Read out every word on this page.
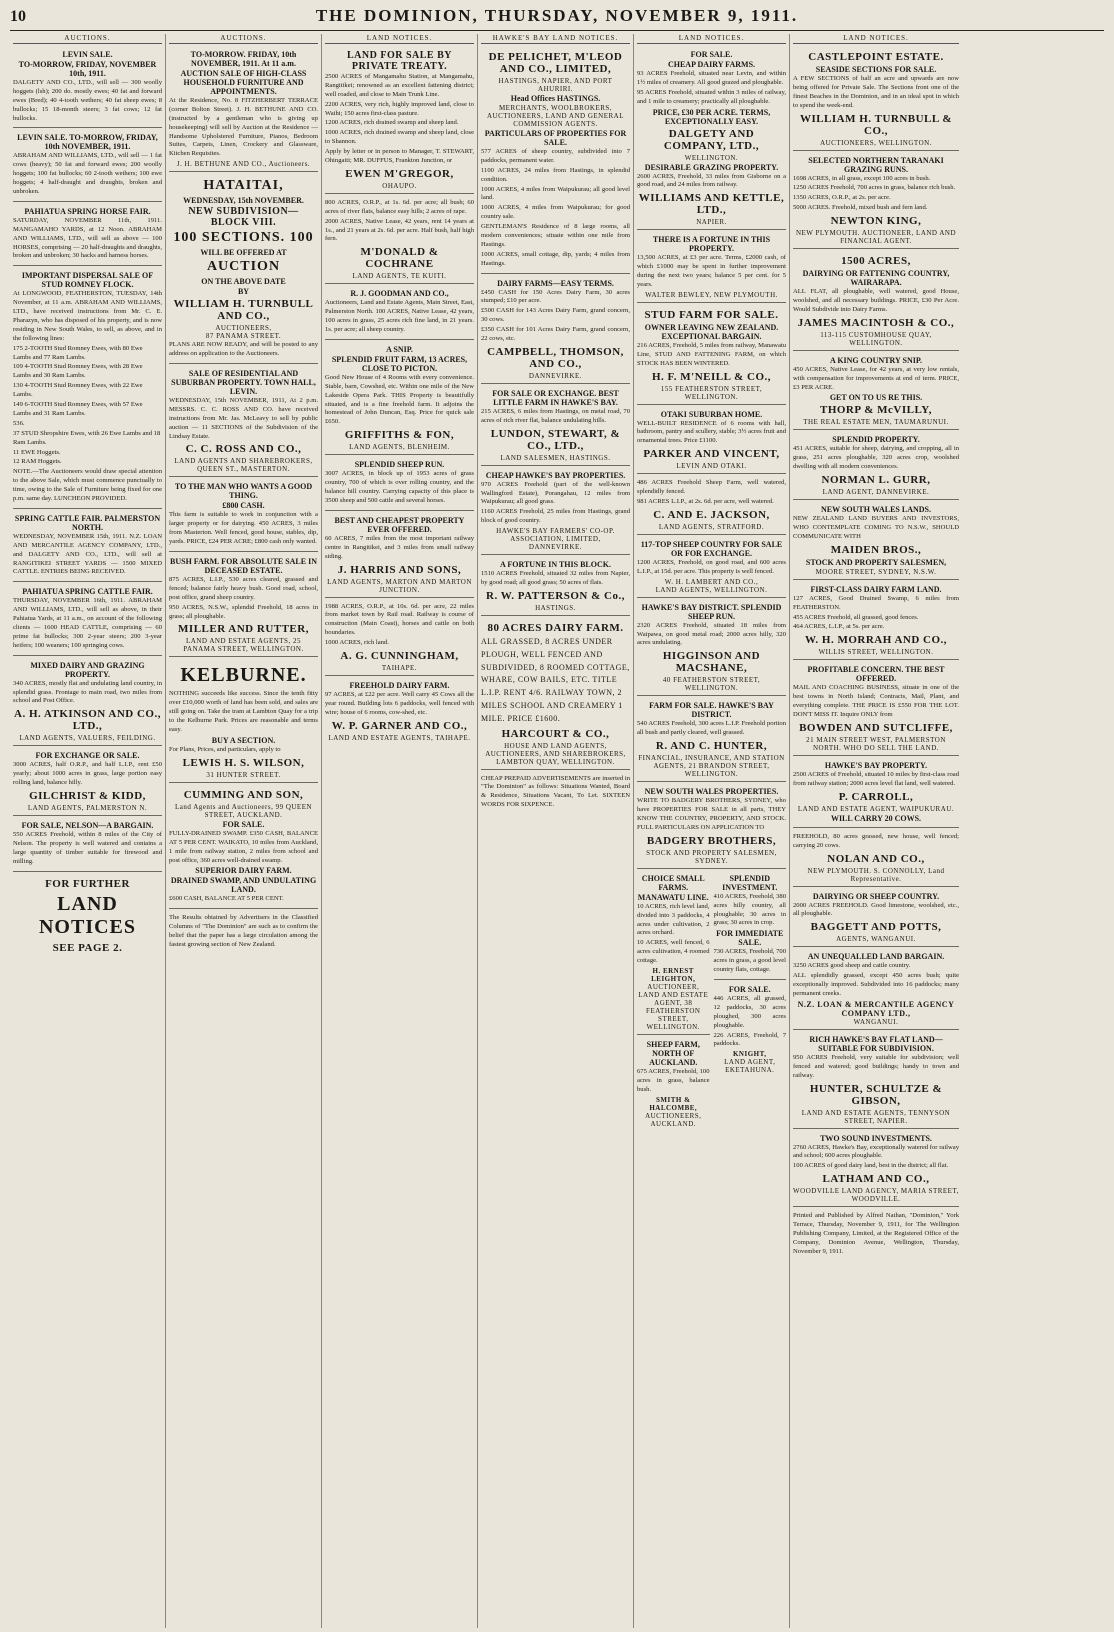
10	THE DOMINION, THURSDAY, NOVEMBER 9, 1911.
AUCTIONS.
LEVIN SALE.
TO-MORROW, FRIDAY, NOVEMBER 10th, 1911.

DALGETY AND CO., LTD., will sell — 300 woolly hoggets (lsh); 200 do. mostly ewes; 40 fat and forward ewes (Bred); 40 4-tooth wethers; 40 fat sheep ewes; 8 bullocks; 15 18-month steers; 3 fat cows; 12 fat bullocks.

LEVIN SALE. TO-MORROW, FRIDAY, 10th NOVEMBER, 1911.

ABRAHAM AND WILLIAMS, LTD., will sell — 1 fat cows (heavy); 50 fat and forward ewes; 200 woolly hoggets; 100 fat bullocks; 60 2-tooth wethers; 100 ewe hoggets; 4 half-draught and draughts, broken and unbroken.

PAHIATUA SPRING HORSE FAIR.

SATURDAY, NOVEMBER 11th, 1911. MANGAMAHO YARDS, at 12 Noon. ABRAHAM AND WILLIAMS, LTD., will sell as above — 100 HORSES, comprising — 20 half-draughts and draughts, broken and unbroken; 30 hacks and harness horses.

IMPORTANT DISPERSAL SALE OF STUD ROMNEY FLOCK.

At LONGWOOD, FEATHERSTON, TUESDAY, 14th November, at 11 a.m. ABRAHAM AND WILLIAMS, LTD., have received instructions from Mr. C. E. Pharazyn, who has disposed of his property, and is now residing in New South Wales, to sell, as above, and in the following lines:

175 2-TOOTH Stud Romney Ewes, with 80 Ewe Lambs and 77 Ram Lambs.
109 4-TOOTH Stud Romney Ewes, with 28 Ewe Lambs and 30 Ram Lambs.
130 4-TOOTH Stud Romney Ewes, with 22 Ewe Lambs.
149 6-TOOTH Stud Romney Ewes, with 57 Ewe Lambs and 31 Ram Lambs.
536.
37 STUD Shropshire Ewes, with 26 Ewe Lambs and 18 Ram Lambs.
11 EWE Hoggets.
12 RAM Hoggets.

NOTE.—The Auctioneers would draw special attention to the above Sale, which must commence punctually to time, owing to the Sale of Furniture being fixed for one p.m. same day. LUNCHEON PROVIDED.

SPRING CATTLE FAIR. PALMERSTON NORTH.

WEDNESDAY, NOVEMBER 15th, 1911. N.Z. LOAN AND MERCANTILE AGENCY COMPANY, LTD., and DALGETY AND CO., LTD., will sell at RANGITIKEI STREET YARDS — 1500 MIXED CATTLE. ENTRIES BEING RECEIVED.

PAHIATUA SPRING CATTLE FAIR.

THURSDAY, NOVEMBER 16th, 1911. ABRAHAM AND WILLIAMS, LTD., will sell as above, in their Pahiatua Yards, at 11 a.m., on account of the following clients — 1600 HEAD CATTLE, comprising — 60 prime fat bullocks; 300 2-year steers; 200 3-year heifers; 100 weaners; 100 springing cows.

MIXED DAIRY AND GRAZING PROPERTY.

340 ACRES, mostly flat and undulating land country, in splendid grass. Frontage to main road, two miles from school and Post Office.

A. H. ATKINSON AND CO., LTD.,
LAND AGENTS, VALUERS, FEILDING.
FOR EXCHANGE OR SALE.

3000 ACRES, half O.R.P., and half L.I.P., rent £50 yearly; about 1000 acres in grass, large portion easy rolling land, balance hilly.

GILCHRIST & KIDD,
LAND AGENTS, PALMERSTON N.
FOR SALE, NELSON—A BARGAIN.

550 ACRES Freehold, within 8 miles of the City of Nelson. The property is well watered and contains a large quantity of timber suitable for firewood and milling.

FOR FURTHER
LAND NOTICES
SEE PAGE 2.
AUCTIONS.
TO-MORROW. FRIDAY, 10th NOVEMBER, 1911. At 11 a.m.
AUCTION SALE OF HIGH-CLASS HOUSEHOLD FURNITURE AND APPOINTMENTS.

At the Residence, No. 8 FITZHERBERT TERRACE (corner Bolton Street). J. H. BETHUNE AND CO. (instructed by a gentleman who is giving up housekeeping) will sell by Auction at the Residence — Handsome Upholstered Furniture, Pianos, Bedroom Suites, Carpets, Linen, Crockery and Glassware, Kitchen Requisites.

J. H. BETHUNE AND CO., Auctioneers.
HATAITAI,
WEDNESDAY, 15th NOVEMBER.
NEW SUBDIVISION— BLOCK VIII.
100 SECTIONS. 100
WILL BE OFFERED AT
AUCTION
ON THE ABOVE DATE
BY
WILLIAM H. TURNBULL AND CO.,
AUCTIONEERS,
87 PANAMA STREET.

PLANS ARE NOW READY, and will be posted to any address on application to the Auctioneers.

SALE OF RESIDENTIAL AND SUBURBAN PROPERTY. TOWN HALL, LEVIN.

WEDNESDAY, 15th NOVEMBER, 1911, At 2 p.m. MESSRS. C. C. ROSS AND CO. have received instructions from Mr. Jas. McLeavy to sell by public auction — 11 SECTIONS of the Subdivision of the Lindsay Estate.

C. C. ROSS AND CO.,
LAND AGENTS AND SHAREBROKERS, QUEEN ST., MASTERTON.
TO THE MAN WHO WANTS A GOOD THING.
£800 CASH.

This farm is suitable to work in conjunction with a larger property or for dairying. 450 ACRES, 3 miles from Masterton. Well fenced, good house, stables, dip, yards. PRICE, £24 PER ACRE; £800 cash only wanted.

BUSH FARM. FOR ABSOLUTE SALE IN DECEASED ESTATE.

875 ACRES, L.I.P., 530 acres cleared, grassed and fenced; balance fairly heavy bush. Good road, school, post office, grand sheep country.

950 ACRES, N.S.W., splendid Freehold, 18 acres in grass; all ploughable.

MILLER AND RUTTER,
LAND AND ESTATE AGENTS, 25 PANAMA STREET, WELLINGTON.
KELBURNE.

NOTHING succeeds like success. Since the tenth fitty over £10,000 worth of land has been sold, and sales are still going on. Take the tram at Lambton Quay for a trip to the Kelburne Park. Prices are reasonable and terms easy.

BUY A SECTION.

For Plans, Prices, and particulars, apply to

LEWIS H. S. WILSON,
31 HUNTER STREET.
CUMMING AND SON,
Land Agents and Auctioneers, 99 QUEEN STREET, AUCKLAND.
FOR SALE.

FULLY-DRAINED SWAMP. £350 CASH, BALANCE AT 5 PER CENT. WAIKATO, 10 miles from Auckland, 1 mile from railway station, 2 miles from school and post office, 360 acres well-drained swamp.

SUPERIOR DAIRY FARM.
DRAINED SWAMP, AND UNDULATING LAND.

£600 CASH, BALANCE AT 5 PER CENT.

The Results obtained by Advertisers in the Classified Columns of "The Dominion" are such as to confirm the belief that the paper has a large circulation among the fastest growing section of New Zealand.

LAND NOTICES.
LAND FOR SALE BY PRIVATE TREATY.

2500 ACRES of Mangamahu Station, at Mangamahu, Rangitikei; renowned as an excellent fattening district; well roaded, and close to Main Trunk Line.

2200 ACRES, very rich, highly improved land, close to Waihi; 150 acres first-class pasture.

1200 ACRES, rich drained swamp and sheep land.

1000 ACRES, rich drained swamp and sheep land, close to Shannon.

Apply by letter or in person to Manager, T. STEWART, Ohingaiti; MR. DUFFUS, Frankton Junction, or

EWEN M'GREGOR,
OHAUPO.

800 ACRES, O.R.P., at 1s. 6d. per acre; all bush; 60 acres of river flats, balance easy hills; 2 acres of rape.

2000 ACRES, Native Lease, 42 years, rent 14 years at 1s., and 21 years at 2s. 6d. per acre. Half bush, half high fern.

M'DONALD & COCHRANE
LAND AGENTS, TE KUITI.
R. J. GOODMAN AND CO.,

Auctioneers, Land and Estate Agents, Main Street, East, Palmerston North. 100 ACRES, Native Lease, 42 years, 100 acres in grass, 25 acres rich fine land, in 21 years. 1s. per acre; all sheep country.

A SNIP.
SPLENDID FRUIT FARM, 13 ACRES, CLOSE TO PICTON.

Good New House of 4 Rooms with every convenience. Stable, barn, Cowshed, etc. Within one mile of the New Lakeside Opera Park. THIS Property is beautifully situated, and is a fine freehold farm. It adjoins the homestead of John Duncan, Esq. Price for quick sale £650.

GRIFFITHS & FON,
LAND AGENTS, BLENHEIM.
SPLENDID SHEEP RUN.

3007 ACRES, in block up of 1953 acres of grass country, 700 of which is over rolling country, and the balance hill country. Carrying capacity of this place is 3500 sheep and 500 cattle and several horses.

BEST AND CHEAPEST PROPERTY EVER OFFERED.

60 ACRES, 7 miles from the most important railway centre in Rangitikei, and 3 miles from small railway siding.

J. HARRIS AND SONS,
LAND AGENTS, MARTON AND MARTON JUNCTION.

1988 ACRES, O.R.P., at 10s. 6d. per acre, 22 miles from market town by Rail road. Railway is course of construction (Main Coast), horses and cattle on both boundaries.

1000 ACRES, rich land.

A. G. CUNNINGHAM,
TAIHAPE.
FREEHOLD DAIRY FARM.

97 ACRES, at £22 per acre. Well carry 45 Cows all the year round. Building lots 6 paddocks, well fenced with wire; house of 6 rooms, cow-shed, etc.

W. P. GARNER AND CO.,
LAND AND ESTATE AGENTS, TAIHAPE.
HAWKE'S BAY LAND NOTICES.
DE PELICHET, M'LEOD AND CO., LIMITED,
HASTINGS, NAPIER, AND PORT AHURIRI.
Head Offices HASTINGS.
MERCHANTS, WOOLBROKERS, AUCTIONEERS, LAND AND GENERAL COMMISSION AGENTS.
PARTICULARS OF PROPERTIES FOR SALE.

577 ACRES of sheep country, subdivided into 7 paddocks, permanent water.

1100 ACRES, 24 miles from Hastings, in splendid condition.

1000 ACRES, 4 miles from Waipukurau; all good level land.

1000 ACRES, 4 miles from Waipukurau; for good country sale.

GENTLEMAN'S Residence of 8 large rooms, all modern conveniences; situate within one mile from Hastings.

1000 ACRES, small cottage, dip, yards; 4 miles from Hastings.

DAIRY FARMS—EASY TERMS.

£450 CASH for 150 Acres Dairy Farm, 30 acres stumped; £10 per acre.

£500 CASH for 143 Acres Dairy Farm, grand concern, 30 cows.

£350 CASH for 101 Acres Dairy Farm, grand concern, 22 cows, etc.

CAMPBELL, THOMSON, AND CO.,
DANNEVIRKE.
FOR SALE OR EXCHANGE. BEST LITTLE FARM IN HAWKE'S BAY.

215 ACRES, 6 miles from Hastings, on metal road, 70 acres of rich river flat, balance undulating hills.

LUNDON, STEWART, & CO., LTD.,
LAND SALESMEN, HASTINGS.
CHEAP HAWKE'S BAY PROPERTIES.

970 ACRES Freehold (part of the well-known Wallingford Estate), Porangahau, 12 miles from Waipukurau; all good grass.

1160 ACRES Freehold, 25 miles from Hastings, grand block of good country.

HAWKE'S BAY FARMERS' CO-OP. ASSOCIATION, LIMITED,
DANNEVIRKE.
A FORTUNE IN THIS BLOCK.

1510 ACRES Freehold, situated 32 miles from Napier, by good road; all good grass; 50 acres of flats.

R. W. PATTERSON & Co.,
HASTINGS.
80 ACRES DAIRY FARM.

ALL GRASSED, 8 ACRES UNDER PLOUGH, WELL FENCED AND SUBDIVIDED, 8 ROOMED COTTAGE, WHARE, COW BAILS, ETC. TITLE L.I.P. RENT 4/6. RAILWAY TOWN, 2 MILES SCHOOL AND CREAMERY 1 MILE. PRICE £1600.

HARCOURT & CO.,
HOUSE AND LAND AGENTS, AUCTIONEERS, AND SHAREBROKERS,
LAMBTON QUAY, WELLINGTON.

CHEAP PREPAID ADVERTISEMENTS are inserted in "The Dominion" as follows: Situations Wanted, Board & Residence, Situations Vacant, To Let. SIXTEEN WORDS FOR SIXPENCE.

LAND NOTICES.
FOR SALE.
CHEAP DAIRY FARMS.

93 ACRES Freehold, situated near Levin, and within 1½ miles of creamery. All good grazed and ploughable.

95 ACRES Freehold, situated within 3 miles of railway, and 1 mile to creamery; practically all ploughable.

PRICE, £30 PER ACRE. TERMS, EXCEPTIONALLY EASY.
DALGETY AND COMPANY, LTD.,
WELLINGTON.
DESIRABLE GRAZING PROPERTY.

2600 ACRES, Freehold, 33 miles from Gisborne on a good road, and 24 miles from railway.

WILLIAMS AND KETTLE, LTD.,
NAPIER.
THERE IS A FORTUNE IN THIS PROPERTY.

13,500 ACRES, at £3 per acre. Terms, £2000 cash, of which £1000 may be spent in further improvement during the next two years; balance 5 per cent. for 5 years.

WALTER BEWLEY, NEW PLYMOUTH.
STUD FARM FOR SALE.
OWNER LEAVING NEW ZEALAND. EXCEPTIONAL BARGAIN.

216 ACRES, Freehold, 5 miles from railway, Manawatu Line, STUD AND FATTENING FARM, on which STOCK HAS BEEN WINTERED.

H. F. M'NEILL & CO.,
155 FEATHERSTON STREET, WELLINGTON.
OTAKI SUBURBAN HOME.

WELL-BUILT RESIDENCE of 6 rooms with hall, bathroom, pantry and scullery, stable; 3½ acres fruit and ornamental trees. Price £1100.

PARKER AND VINCENT,
LEVIN AND OTAKI.

486 ACRES Freehold Sheep Farm, well watered, splendidly fenced.

981 ACRES L.I.P., at 2s. 6d. per acre, well watered.

C. AND E. JACKSON,
LAND AGENTS, STRATFORD.
117-TOP SHEEP COUNTRY FOR SALE OR FOR EXCHANGE.

1200 ACRES, Freehold, on good road, and 600 acres L.I.P., at 15d. per acre. This property is well fenced.

W. H. LAMBERT AND CO.,
LAND AGENTS, WELLINGTON.
HAWKE'S BAY DISTRICT. SPLENDID SHEEP RUN.

2320 ACRES Freehold, situated 18 miles from Waipawa, on good metal road; 2000 acres hilly, 320 acres undulating.

HIGGINSON AND MACSHANE,
40 FEATHERSTON STREET, WELLINGTON.
FARM FOR SALE. HAWKE'S BAY DISTRICT.

540 ACRES Freehold, 300 acres L.I.P. Freehold portion all bush and partly cleared, well grassed.

R. AND C. HUNTER,
FINANCIAL, INSURANCE, AND STATION AGENTS, 21 BRANDON STREET, WELLINGTON.
NEW SOUTH WALES PROPERTIES.

WRITE TO BADGERY BROTHERS, SYDNEY, who have PROPERTIES FOR SALE in all parts, THEY KNOW THE COUNTRY, PROPERTY, AND STOCK. FULL PARTICULARS ON APPLICATION TO

BADGERY BROTHERS,
STOCK AND PROPERTY SALESMEN, SYDNEY.
CHOICE SMALL FARMS.
MANAWATU LINE.

10 ACRES, rich level land, divided into 3 paddocks, 4 acres under cultivation, 2 acres orchard.

10 ACRES, well fenced, 6 acres cultivation, 4 roomed cottage.

H. ERNEST LEIGHTON,
AUCTIONEER, LAND AND ESTATE AGENT, 38 FEATHERSTON STREET, WELLINGTON.
SHEEP FARM, NORTH OF AUCKLAND.

675 ACRES, Freehold, 100 acres in grass, balance bush.

SMITH & HALCOMBE,
AUCTIONEERS, AUCKLAND.
SPLENDID INVESTMENT.

410 ACRES, Freehold, 380 acres hilly country, all ploughable; 30 acres in grass; 30 acres in crop.

FOR IMMEDIATE SALE.

730 ACRES, Freehold, 700 acres in grass, a good level country flats, cottage.

FOR SALE.

446 ACRES, all grassed, 12 paddocks, 30 acres ploughed, 300 acres ploughable.

226 ACRES, Freehold, 7 paddocks.

KNIGHT,
LAND AGENT, EKETAHUNA.
LAND NOTICES.
CASTLEPOINT ESTATE.
SEASIDE SECTIONS FOR SALE.

A FEW SECTIONS of half an acre and upwards are now being offered for Private Sale. The Sections front one of the finest Beaches in the Dominion, and in an ideal spot in which to spend the week-end.

WILLIAM H. TURNBULL & CO.,
AUCTIONEERS, WELLINGTON.
SELECTED NORTHERN TARANAKI GRAZING RUNS.

1698 ACRES, in all grass, except 100 acres in bush.

1250 ACRES Freehold, 700 acres in grass, balance rich bush.

1350 ACRES, O.R.P., at 2s. per acre.

5000 ACRES. Freehold, mixed bush and fern land.

NEWTON KING,
NEW PLYMOUTH. AUCTIONEER, LAND AND FINANCIAL AGENT.
1500 ACRES,
DAIRYING OR FATTENING COUNTRY, WAIRARAPA.

ALL FLAT, all ploughable, well watered, good House, woolshed, and all necessary buildings. PRICE, £30 Per Acre. Would Subdivide into Dairy Farms.

JAMES MACINTOSH & CO.,
113-115 CUSTOMHOUSE QUAY, WELLINGTON.
A KING COUNTRY SNIP.

450 ACRES, Native Lease, for 42 years, at very low rentals, with compensation for improvements at end of term. PRICE, £3 PER ACRE.

GET ON TO US RE THIS.
THORP & McVILLY,
THE REAL ESTATE MEN, TAUMARUNUI.
SPLENDID PROPERTY.

451 ACRES, suitable for sheep, dairying, and cropping, all in grass, 251 acres ploughable, 320 acres crop, woolshed dwelling with all modern conveniences.

NORMAN L. GURR,
LAND AGENT, DANNEVIRKE.
NEW SOUTH WALES LANDS.

NEW ZEALAND LAND BUYERS AND INVESTORS, WHO CONTEMPLATE COMING TO N.S.W., SHOULD COMMUNICATE WITH

MAIDEN BROS.,
STOCK AND PROPERTY SALESMEN,
MOORE STREET, SYDNEY, N.S.W.
FIRST-CLASS DAIRY FARM LAND.

127 ACRES, Good Drained Swamp, 6 miles from FEATHERSTON.

455 ACRES Freehold, all grassed, good fences.

464 ACRES, L.I.P., at 5s. per acre.

W. H. MORRAH AND CO.,
WILLIS STREET, WELLINGTON.
PROFITABLE CONCERN. THE BEST OFFERED.

MAIL AND COACHING BUSINESS, situate in one of the best towns in North Island; Contracts, Mail, Plant, and everything complete. THE PRICE IS £550 FOR THE LOT. DON'T MISS IT. Inquire ONLY from

BOWDEN AND SUTCLIFFE,
21 MAIN STREET WEST, PALMERSTON NORTH. WHO DO SELL THE LAND.
HAWKE'S BAY PROPERTY.

2500 ACRES of Freehold, situated 10 miles by first-class road from railway station; 2000 acres level flat land, well watered.

P. CARROLL,
LAND AND ESTATE AGENT, WAIPUKURAU.
WILL CARRY 20 COWS.

FREEHOLD, 80 acres grassed, new house, well fenced; carrying 20 cows.

NOLAN AND CO.,
NEW PLYMOUTH. S. CONNOLLY, Land Representative.
DAIRYING OR SHEEP COUNTRY.

2000 ACRES FREEHOLD. Good limestone, woolshed, etc., all ploughable.

BAGGETT AND POTTS,
AGENTS, WANGANUI.
AN UNEQUALLED LAND BARGAIN.

3250 ACRES good sheep and cattle country.

ALL splendidly grassed, except 450 acres bush; quite exceptionally improved. Subdivided into 16 paddocks; many permanent creeks.

N.Z. LOAN & MERCANTILE AGENCY COMPANY LTD.,
WANGANUI.
RICH HAWKE'S BAY FLAT LAND—SUITABLE FOR SUBDIVISION.

950 ACRES Freehold, very suitable for subdivision; well fenced and watered; good buildings; handy to town and railway.

HUNTER, SCHULTZE & GIBSON,
LAND AND ESTATE AGENTS, TENNYSON STREET, NAPIER.
TWO SOUND INVESTMENTS.

2760 ACRES, Hawke's Bay, exceptionally watered for railway and school; 600 acres ploughable.

100 ACRES of good dairy land, best in the district; all flat.

LATHAM AND CO.,
WOODVILLE LAND AGENCY, MARIA STREET, WOODVILLE.

Printed and Published by Alfred Nathan, "Dominion," York Terrace, Thursday, November 9, 1911, for The Wellington Publishing Company, Limited, at the Registered Office of the Company, Dominion Avenue, Wellington, Thursday, November 9, 1911.
